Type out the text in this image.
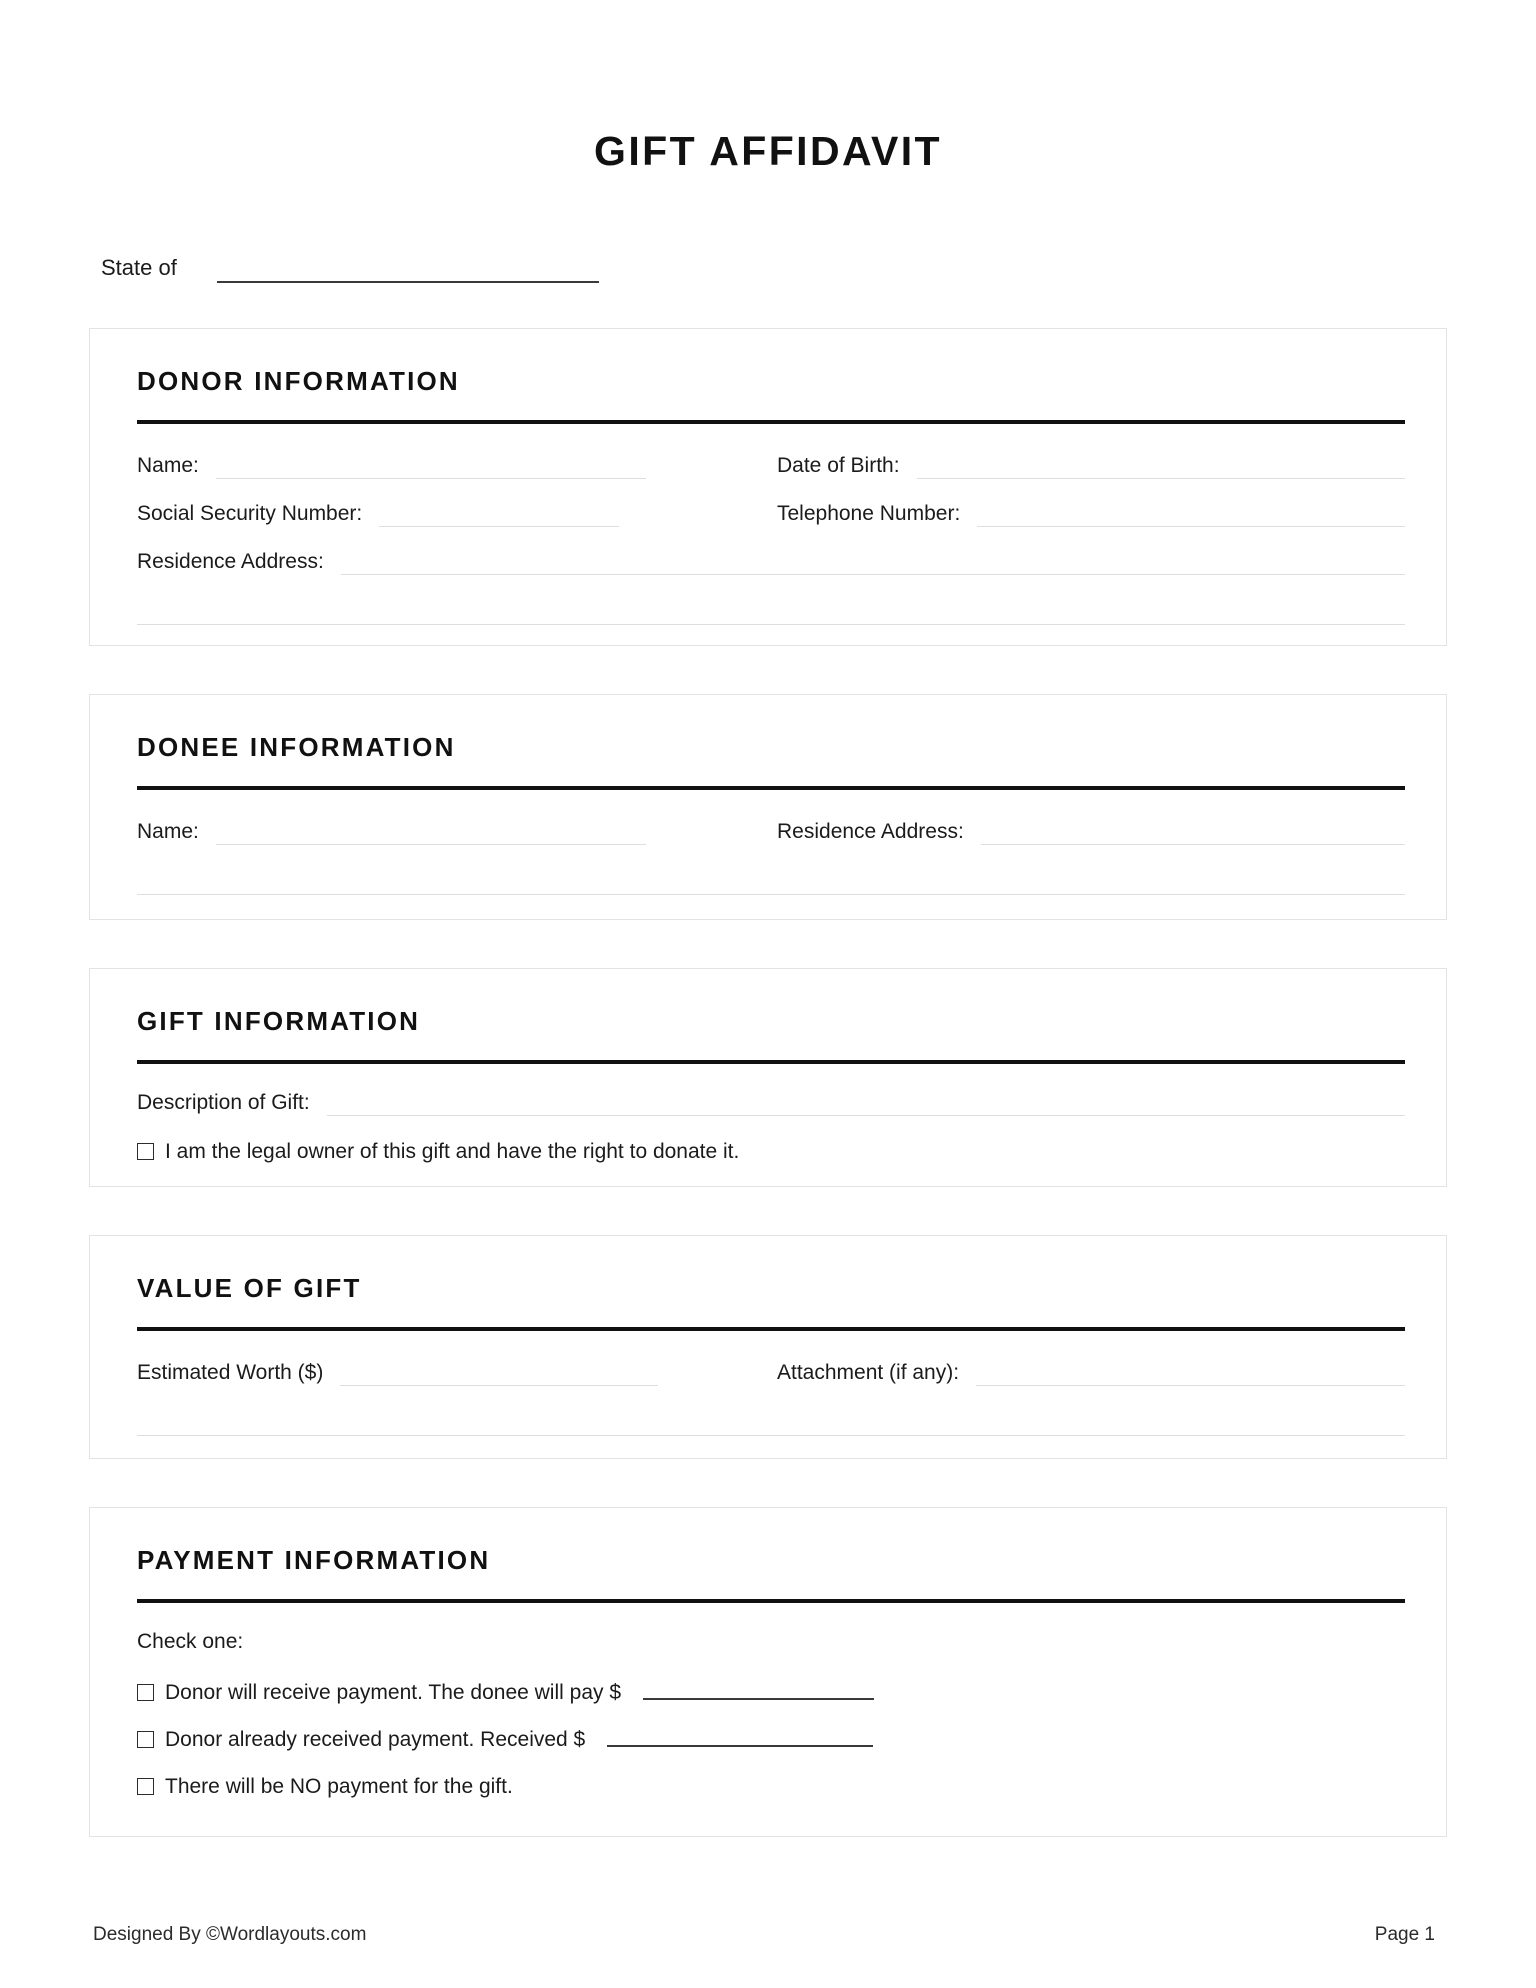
GIFT AFFIDAVIT
State of
DONOR INFORMATION
Name:	Date of Birth:
Social Security Number:	Telephone Number:
Residence Address:
DONEE INFORMATION
Name:	Residence Address:
GIFT INFORMATION
Description of Gift:
I am the legal owner of this gift and have the right to donate it.
VALUE OF GIFT
Estimated Worth ($)	Attachment (if any):
PAYMENT INFORMATION
Check one:
Donor will receive payment. The donee will pay $
Donor already received payment. Received $
There will be NO payment for the gift.
Designed By ©Wordlayouts.com	Page 1
